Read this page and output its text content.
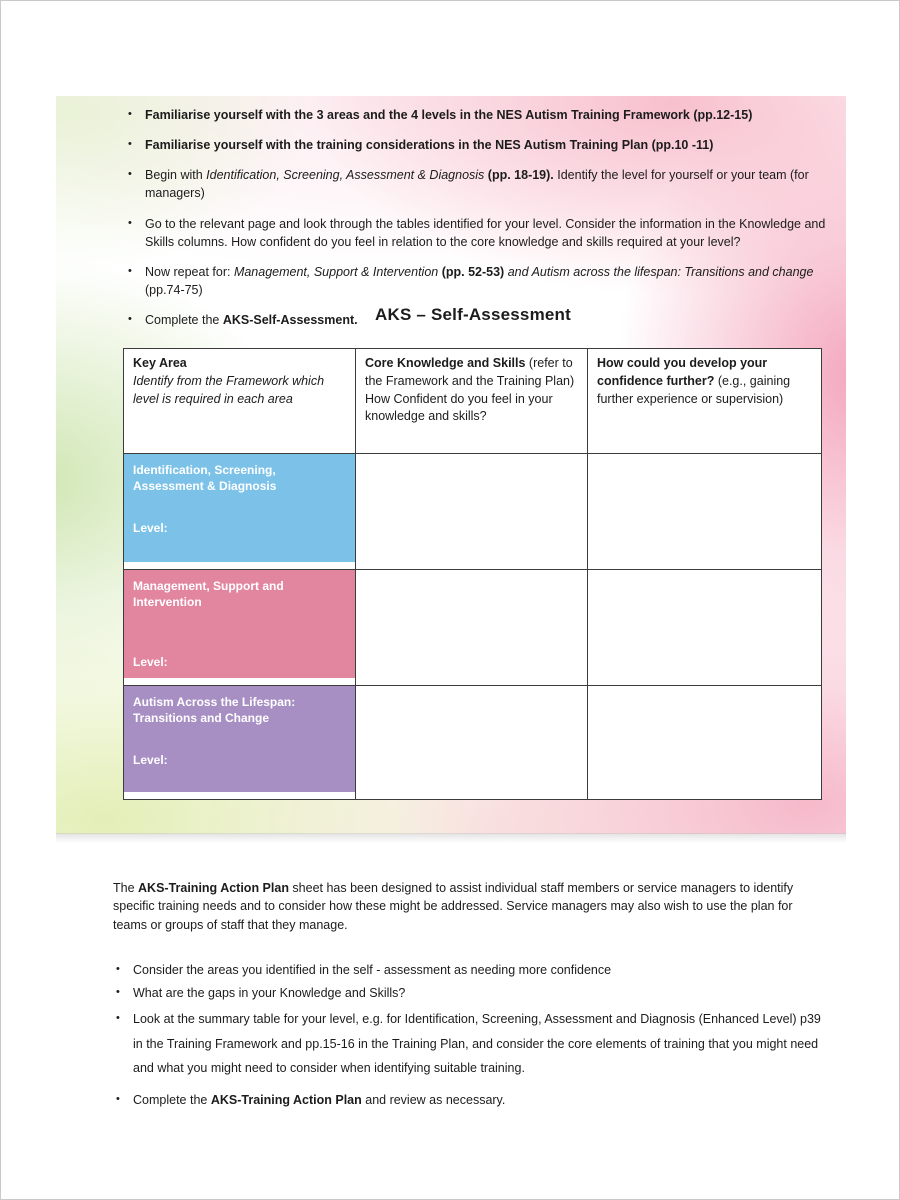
• Familiarise yourself with the 3 areas and the 4 levels in the NES Autism Training Framework (pp.12-15)
• Familiarise yourself with the training considerations in the NES Autism Training Plan (pp.10 -11)
• Begin with Identification, Screening, Assessment & Diagnosis (pp. 18-19). Identify the level for yourself or your team (for managers)
• Go to the relevant page and look through the tables identified for your level. Consider the information in the Knowledge and Skills columns. How confident do you feel in relation to the core knowledge and skills required at your level?
• Now repeat for: Management, Support & Intervention (pp. 52-53) and Autism across the lifespan: Transitions and change (pp.74-75)
• Complete the AKS-Self-Assessment.	AKS – Self-Assessment
Key Area
Identify from the Framework which level is required in each area
	Core Knowledge and Skills (refer to the Framework and the Training Plan)
How Confident do you feel in your knowledge and skills?
	How could you develop your confidence further? (e.g., gaining further experience or supervision)

Identification, Screening, Assessment & Diagnosis
Level:		

Management, Support and Intervention
Level:		

Autism Across the Lifespan: Transitions and Change
Level:		

The AKS-Training Action Plan sheet has been designed to assist individual staff members or service managers to identify specific training needs and to consider how these might be addressed. Service managers may also wish to use the plan for teams or groups of staff that they manage.

• Consider the areas you identified in the self - assessment as needing more confidence
• What are the gaps in your Knowledge and Skills?
• Look at the summary table for your level, e.g. for Identification, Screening, Assessment and Diagnosis (Enhanced Level) p39 in the Training Framework and pp.15-16 in the Training Plan, and consider the core elements of training that you might need and what you might need to consider when identifying suitable training.
• Complete the AKS-Training Action Plan and review as necessary.
